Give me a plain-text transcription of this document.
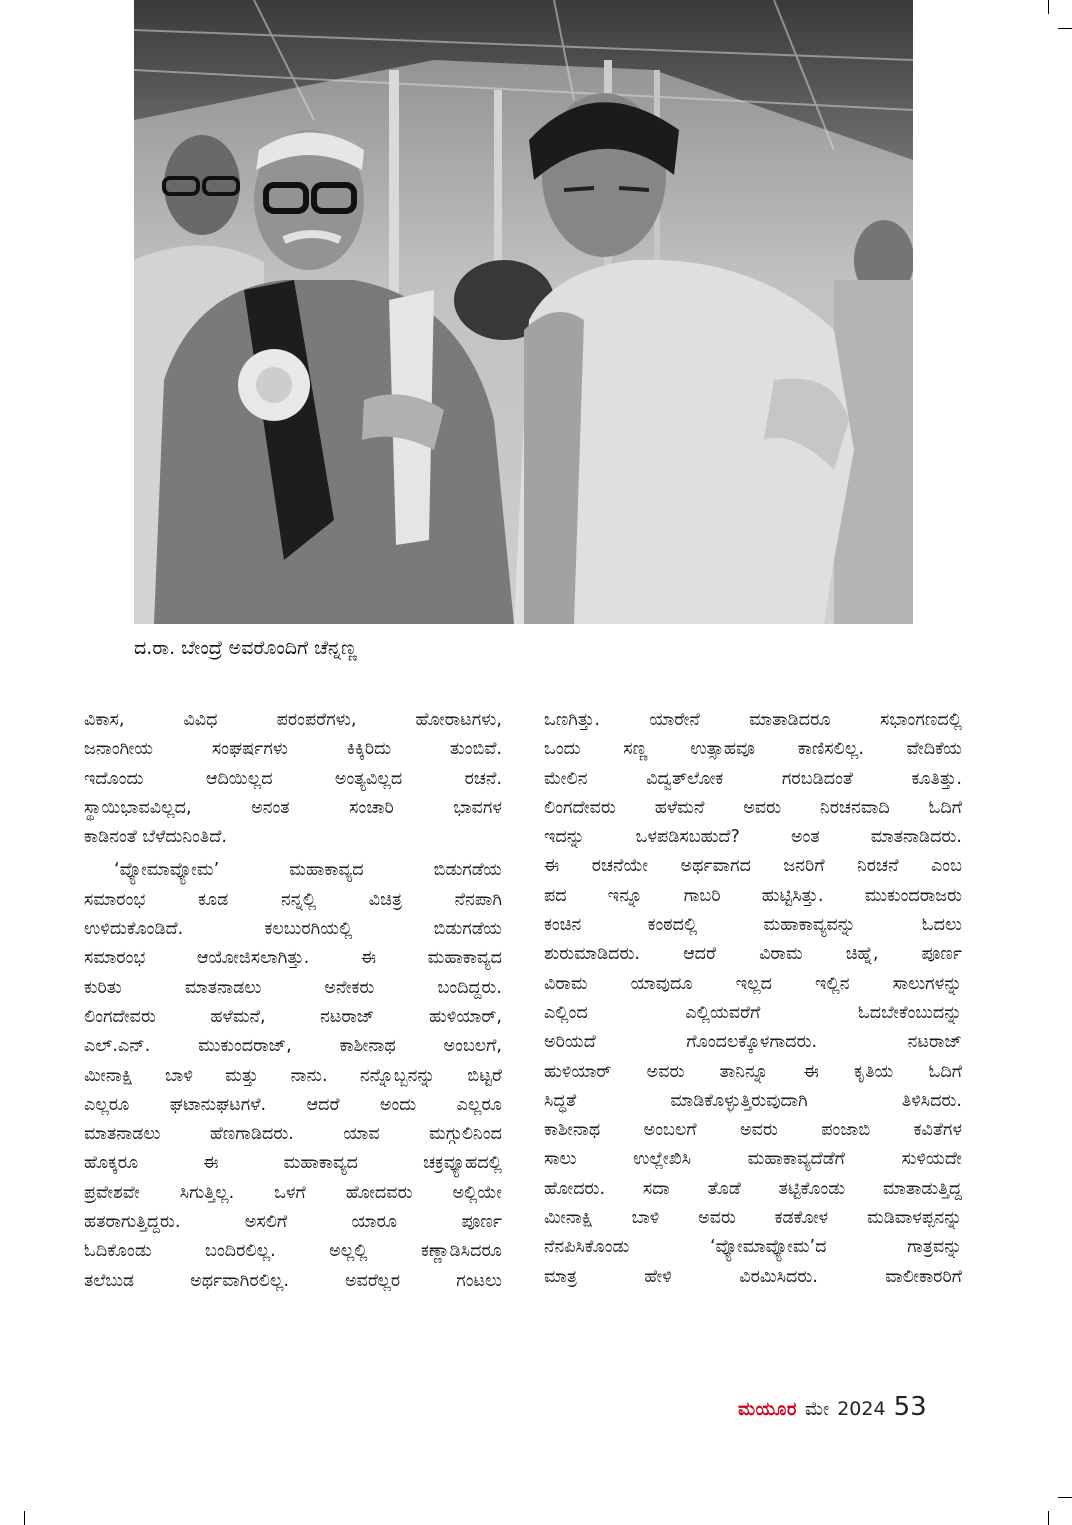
ದ.ರಾ. ಬೇಂದ್ರೆ ಅವರೊಂದಿಗೆ ಚೆನ್ನಣ್ಣ

ವಿಕಾಸ, ವಿವಿಧ ಪರಂಪರೆಗಳು, ಹೋರಾಟಗಳು,
ಜನಾಂಗೀಯ ಸಂಘರ್ಷಗಳು ಕಿಕ್ಕಿರಿದು ತುಂಬಿವೆ.
ಇದೊಂದು ಆದಿಯಿಲ್ಲದ ಅಂತ್ಯವಿಲ್ಲದ ರಚನೆ.
ಸ್ಥಾಯಿಭಾವವಿಲ್ಲದ, ಅನಂತ ಸಂಚಾರಿ ಭಾವಗಳ
ಕಾಡಿನಂತೆ ಬೆಳೆದುನಿಂತಿದೆ.

‘ವ್ಯೋಮಾವ್ಯೋಮ’ ಮಹಾಕಾವ್ಯದ ಬಿಡುಗಡೆಯ
ಸಮಾರಂಭ ಕೂಡ ನನ್ನಲ್ಲಿ ವಿಚಿತ್ರ ನೆನಪಾಗಿ
ಉಳಿದುಕೊಂಡಿದೆ. ಕಲಬುರಗಿಯಲ್ಲಿ ಬಿಡುಗಡೆಯ
ಸಮಾರಂಭ ಆಯೋಜಿಸಲಾಗಿತ್ತು. ಈ ಮಹಾಕಾವ್ಯದ
ಕುರಿತು ಮಾತನಾಡಲು ಅನೇಕರು ಬಂದಿದ್ದರು.
ಲಿಂಗದೇವರು ಹಳೆಮನೆ, ನಟರಾಜ್ ಹುಳಿಯಾರ್,
ಎಲ್.ಎನ್. ಮುಕುಂದರಾಜ್, ಕಾಶೀನಾಥ ಅಂಬಲಗೆ,
ಮೀನಾಕ್ಷಿ ಬಾಳಿ ಮತ್ತು ನಾನು. ನನ್ನೊಬ್ಬನನ್ನು ಬಿಟ್ಟರೆ
ಎಲ್ಲರೂ ಘಟಾನುಘಟಗಳೆ. ಆದರೆ ಅಂದು ಎಲ್ಲರೂ
ಮಾತನಾಡಲು ಹೆಣಗಾಡಿದರು. ಯಾವ ಮಗ್ಗುಲಿನಿಂದ
ಹೊಕ್ಕರೂ ಈ ಮಹಾಕಾವ್ಯದ ಚಕ್ರವ್ಯೂಹದಲ್ಲಿ
ಪ್ರವೇಶವೇ ಸಿಗುತ್ತಿಲ್ಲ. ಒಳಗೆ ಹೋದವರು ಅಲ್ಲಿಯೇ
ಹತರಾಗುತ್ತಿದ್ದರು. ಅಸಲಿಗೆ ಯಾರೂ ಪೂರ್ಣ
ಓದಿಕೊಂಡು ಬಂದಿರಲಿಲ್ಲ. ಅಲ್ಲಲ್ಲಿ ಕಣ್ಣಾಡಿಸಿದರೂ
ತಲೆಬುಡ ಅರ್ಥವಾಗಿರಲಿಲ್ಲ. ಅವರೆಲ್ಲರ ಗಂಟಲು

ಒಣಗಿತ್ತು. ಯಾರೇನೆ ಮಾತಾಡಿದರೂ ಸಭಾಂಗಣದಲ್ಲಿ
ಒಂದು ಸಣ್ಣ ಉತ್ಸಾಹವೂ ಕಾಣಿಸಲಿಲ್ಲ. ವೇದಿಕೆಯ
ಮೇಲಿನ ವಿದ್ವತ್‌ಲೋಕ ಗರಬಡಿದಂತೆ ಕೂತಿತ್ತು.
ಲಿಂಗದೇವರು ಹಳೆಮನೆ ಅವರು ನಿರಚನವಾದಿ ಓದಿಗೆ
ಇದನ್ನು ಒಳಪಡಿಸಬಹುದೆ? ಅಂತ ಮಾತನಾಡಿದರು.
ಈ ರಚನೆಯೇ ಅರ್ಥವಾಗದ ಜನರಿಗೆ ನಿರಚನೆ ಎಂಬ
ಪದ ಇನ್ನೂ ಗಾಬರಿ ಹುಟ್ಟಿಸಿತ್ತು. ಮುಕುಂದರಾಜರು
ಕಂಚಿನ ಕಂಠದಲ್ಲಿ ಮಹಾಕಾವ್ಯವನ್ನು ಓದಲು
ಶುರುಮಾಡಿದರು. ಆದರೆ ವಿರಾಮ ಚಿಹ್ನೆ, ಪೂರ್ಣ
ವಿರಾಮ ಯಾವುದೂ ಇಲ್ಲದ ಇಲ್ಲಿನ ಸಾಲುಗಳನ್ನು
ಎಲ್ಲಿಂದ ಎಲ್ಲಿಯವರೆಗೆ ಓದಬೇಕೆಂಬುದನ್ನು
ಅರಿಯದೆ ಗೊಂದಲಕ್ಕೊಳಗಾದರು. ನಟರಾಜ್
ಹುಳಿಯಾರ್ ಅವರು ತಾನಿನ್ನೂ ಈ ಕೃತಿಯ ಓದಿಗೆ
ಸಿದ್ಧತೆ ಮಾಡಿಕೊಳ್ಳುತ್ತಿರುವುದಾಗಿ ತಿಳಿಸಿದರು.
ಕಾಶೀನಾಥ ಅಂಬಲಗೆ ಅವರು ಪಂಜಾಬಿ ಕವಿತೆಗಳ
ಸಾಲು ಉಲ್ಲೇಖಿಸಿ ಮಹಾಕಾವ್ಯದೆಡೆಗೆ ಸುಳಿಯದೇ
ಹೋದರು. ಸದಾ ತೊಡೆ ತಟ್ಟಿಕೊಂಡು ಮಾತಾಡುತ್ತಿದ್ದ
ಮೀನಾಕ್ಷಿ ಬಾಳಿ ಅವರು ಕಡಕೋಳ ಮಡಿವಾಳಪ್ಪನನ್ನು
ನೆನಪಿಸಿಕೊಂಡು ‘ವ್ಯೋಮಾವ್ಯೋಮ’ದ ಗಾತ್ರವನ್ನು
ಮಾತ್ರ ಹೇಳಿ ವಿರಮಿಸಿದರು. ವಾಲೀಕಾರರಿಗೆ

ಮಯೂರ ಮೇ 2024 53
